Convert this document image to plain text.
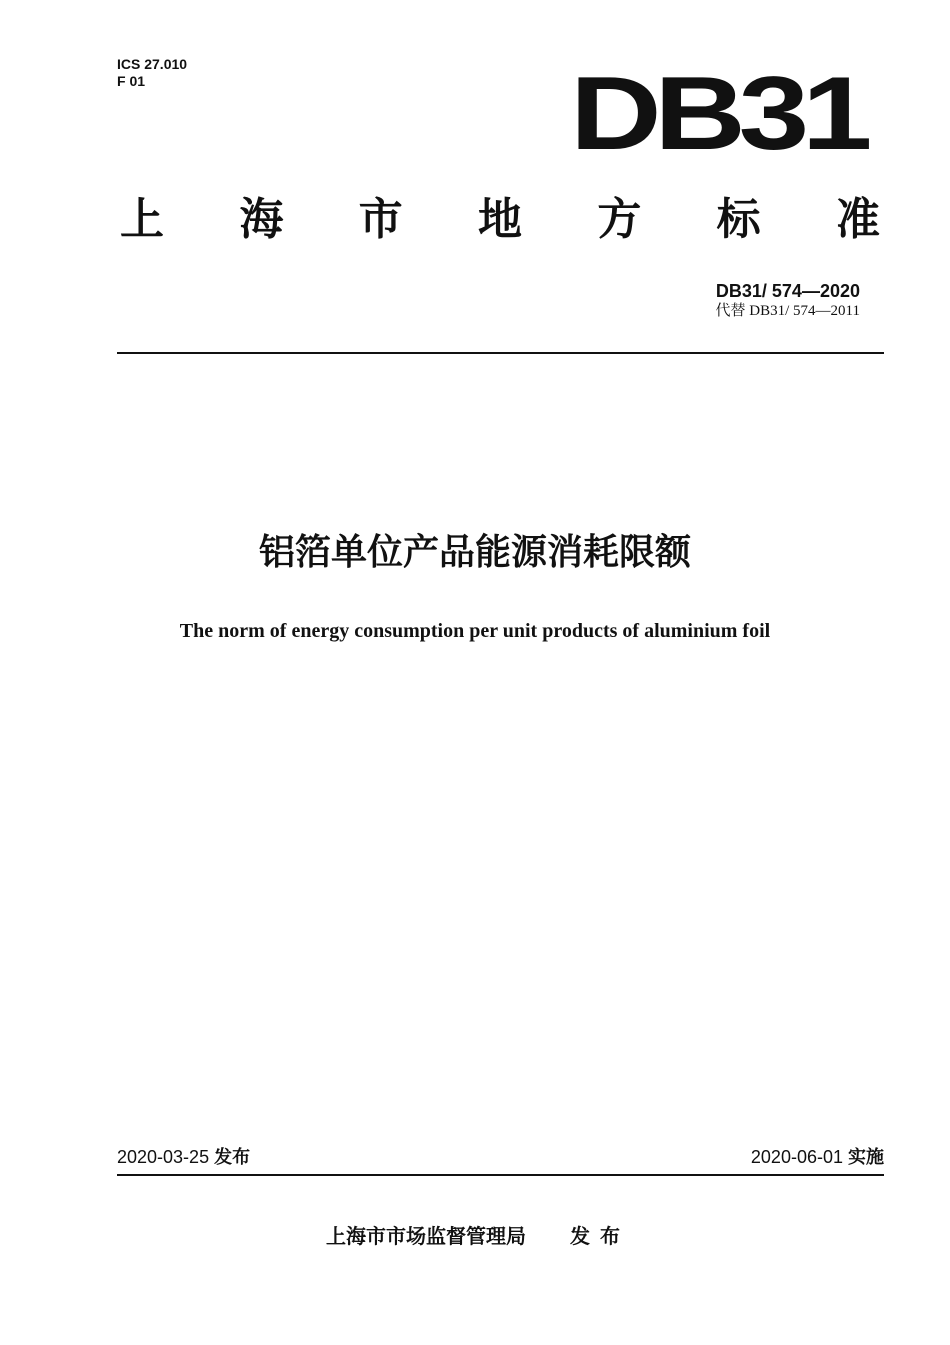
ICS 27.010
F 01	DB31
上 海 市 地 方 标 准
DB31/ 574—2020
代替 DB31/ 574—2011
铝箔单位产品能源消耗限额
The norm of energy consumption per unit products of aluminium foil
2020-03-25 发布	2020-06-01 实施
上海市市场监督管理局 发布
